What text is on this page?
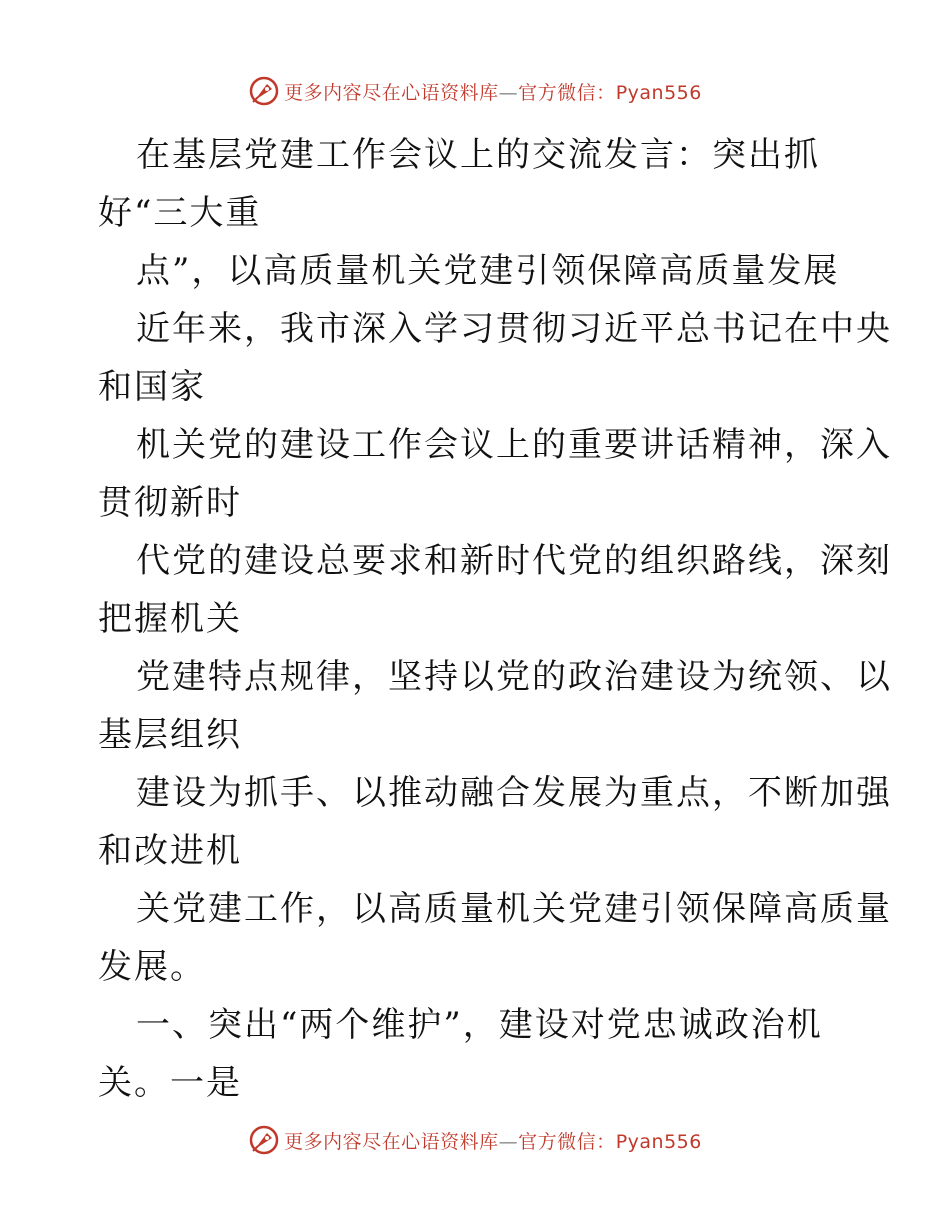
更多内容尽在心语资料库—官方微信：Pyan556
在基层党建工作会议上的交流发言：突出抓
好“三大重
点”，以高质量机关党建引领保障高质量发展
近年来，我市深入学习贯彻习近平总书记在中央
和国家
机关党的建设工作会议上的重要讲话精神，深入
贯彻新时
代党的建设总要求和新时代党的组织路线，深刻
把握机关
党建特点规律，坚持以党的政治建设为统领、以
基层组织
建设为抓手、以推动融合发展为重点，不断加强
和改进机
关党建工作，以高质量机关党建引领保障高质量
发展。
一、突出“两个维护”，建设对党忠诚政治机
关。一是
更多内容尽在心语资料库—官方微信：Pyan556
